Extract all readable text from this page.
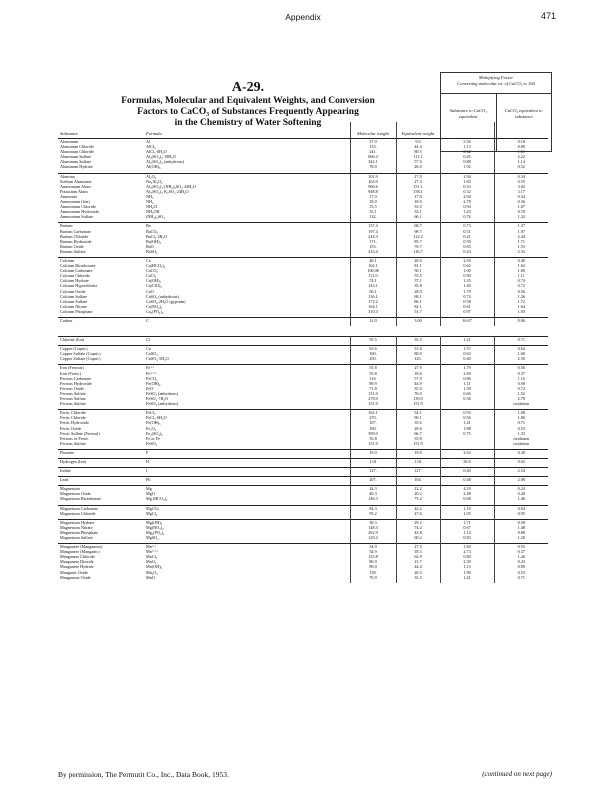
Appendix	471
A-29.
Formulas, Molecular and Equivalent Weights, and Conversion
Factors to CaCO₃ of Substances Frequently Appearing
in the Chemistry of Water Softening
Multiplying Factor
Converting molecular wt. of CaCO₃ to 100
Substance to CaCO₃ equivalent
CaCO₃ equivalent to substance
Substance	Formula	Molecular weight	Equivalent weight		
Aluminum	Al	27.0	9.0	5.56	0.18
Aluminum Chloride	AlCl₃	133.	44.4	1.13	0.89
Aluminum Chloride	AlCl₃·6H₂O	241.	80.5	0.62	1.61
Aluminum Sulfate	Al₂(SO₄)₃·18H₂O	666.4	111.1	0.45	2.22
Aluminum Sulfate	Al₂(SO₄)₃ (anhydrous)	342.1	57.0	0.88	1.14
Aluminum Hydrate	Al(OH)₃	78.0	26.0	1.92	0.52

Alumina	Al₂O₃	101.9	17.0	2.94	0.34
Sodium Aluminate	Na₂Al₂O₄	163.9	27.3	1.83	0.55
Ammonium Alum	Al₂(SO₄)₃·(NH₄)₂SO₄·24H₂O	906.6	151.1	0.33	3.02
Potassium Alum	Al₂(SO₄)₃·K₂SO₄·24H₂O	948.8	158.1	0.32	3.17
Ammonia	NH₃	17.0	17.0	2.94	0.34
Ammonium (Ion)	NH₄	18.0	18.0	2.78	0.36
Ammonium Chloride	NH₄Cl	53.5	53.5	0.94	1.07
Ammonium Hydroxide	NH₄OH	35.1	35.1	1.43	0.70
Ammonium Sulfate	(NH₄)₂SO₄	132.	66.1	0.76	1.32

Barium	Ba	137.4	68.7	0.73	1.37
Barium Carbonate	BaCO₃	197.4	98.7	0.51	1.97
Barium Chloride	BaCl₂·2H₂O	244.3	122.2	0.41	2.44
Barium Hydroxide	Ba(OH)₂	171.	85.7	0.59	1.71
Barium Oxide	BaO	153.	76.7	0.65	1.53
Barium Sulfate	BaSO₄	233.4	116.7	0.43	2.33

Calcium	Ca	40.1	20.0	2.50	0.40
Calcium Bicarbonate	Ca(HCO₃)₂	162.1	81.1	0.62	1.62
Calcium Carbonate	CaCO₃	100.08	50.1	1.00	1.00
Calcium Chloride	CaCl₂	111.0	55.5	0.90	1.11
Calcium Hydrate	Ca(OH)₂	74.1	37.1	1.35	0.74
Calcium Hypochlorite	Ca(ClO)₂	143.1	35.8	1.40	0.72
Calcium Oxide	CaO	56.1	28.0	1.79	0.56
Calcium Sulfate	CaSO₄ (anhydrous)	136.1	68.1	0.74	1.36
Calcium Sulfate	CaSO₄·2H₂O (gypsum)	172.2	86.1	0.58	1.72
Calcium Nitrate	Ca(NO₃)₂	164.1	82.1	0.61	1.64
Calcium Phosphate	Ca₃(PO₄)₂	310.3	51.7	0.97	1.03

Carbon	C	12.0	3.00	16.67	0.06

Chlorine (Ion)	Cl	35.5	35.5	1.41	0.71

Copper (Cupric)	Cu	63.6	31.8	1.57	0.64
Copper Sulfate (Cupric)	CuSO₄	160.	80.0	0.63	1.60
Copper Sulfate (Cupric)	CuSO₄·5H₂O	250.	125.	0.40	2.50

Iron (Ferrous)	Fe⁺⁺	55.8	27.9	1.79	0.56
Iron (Ferric)	Fe⁺⁺⁺	55.8	18.6	2.69	0.37
Ferrous Carbonate	FeCO₃	116.	57.9	0.86	1.16
Ferrous Hydroxide	Fe(OH)₂	89.9	44.9	1.11	0.90
Ferrous Oxide	FeO	71.8	35.9	1.39	0.72
Ferrous Sulfate	FeSO₄ (anhydrous)	151.9	76.0	0.66	1.52
Ferrous Sulfate	FeSO₄·7H₂O	278.0	139.0	0.36	2.78
Ferrous Sulfate	FeSO₄ (anhydrous)	151.9	151.9		oxidation

Ferric Chloride	FeCl₃	162.1	54.1	0.93	1.08
Ferric Chloride	FeCl₃·6H₂O	270.	90.1	0.56	1.80
Ferric Hydroxide	Fe(OH)₃	107.	35.6	1.41	0.71
Ferric Oxide	Fe₂O₃	160.	26.6	1.88	0.53
Ferric Sulfate (Ferrisul)	Fe₂(SO₄)₃	399.9	66.7	0.75	1.33
Ferrous or Ferric	Fe or Fe	55.8	55.8		oxidation
Ferrous Sulfate	FeSO₄	151.9	151.9		oxidation

Fluorine	F	19.0	19.0	2.63	0.38

Hydrogen (Ion)	H	1.01	1.01	50.0	0.02

Iodine	I	127.	127.	0.40	2.54

Lead	Pb	207.	104.	0.48	2.08

Magnesium	Mg	24.3	12.2	4.10	0.24
Magnesium Oxide	MgO	40.3	20.2	2.48	0.40
Magnesium Bicarbonate	Mg (HCO₃)₂	146.3	73.2	0.68	1.46

Magnesium Carbonate	MgCO₃	84.3	42.2	1.19	0.84
Magnesium Chloride	MgCl₂	95.2	47.6	1.05	0.95

Magnesium Hydrate	Mg(OH)₂	58.3	29.2	1.71	0.58
Magnesium Nitrate	Mg(NO₃)₂	148.3	74.2	0.67	1.48
Magnesium Phosphate	Mg₃(PO₄)₂	262.9	43.8	1.14	0.88
Magnesium Sulfate	MgSO₄	120.4	60.2	0.83	1.20

Manganese (Manganous)	Mn⁺⁺	54.9	27.5	1.82	0.55
Manganese (Manganic)	Mn⁺⁺⁺	54.9	18.3	2.73	0.37
Manganese Chloride	MnCl₂	125.8	62.9	0.80	1.26
Manganese Dioxide	MnO₂	86.9	21.7	2.30	0.43
Manganese Hydrate	Mn(OH)₂	89.0	44.4	1.13	0.89
Manganic Oxide	Mn₂O₃	158.	26.3	1.90	0.53
Manganous Oxide	MnO	70.9	35.5	1.41	0.71

By permission, The Permutit Co., Inc., Data Book, 1953.	(continued on next page)
